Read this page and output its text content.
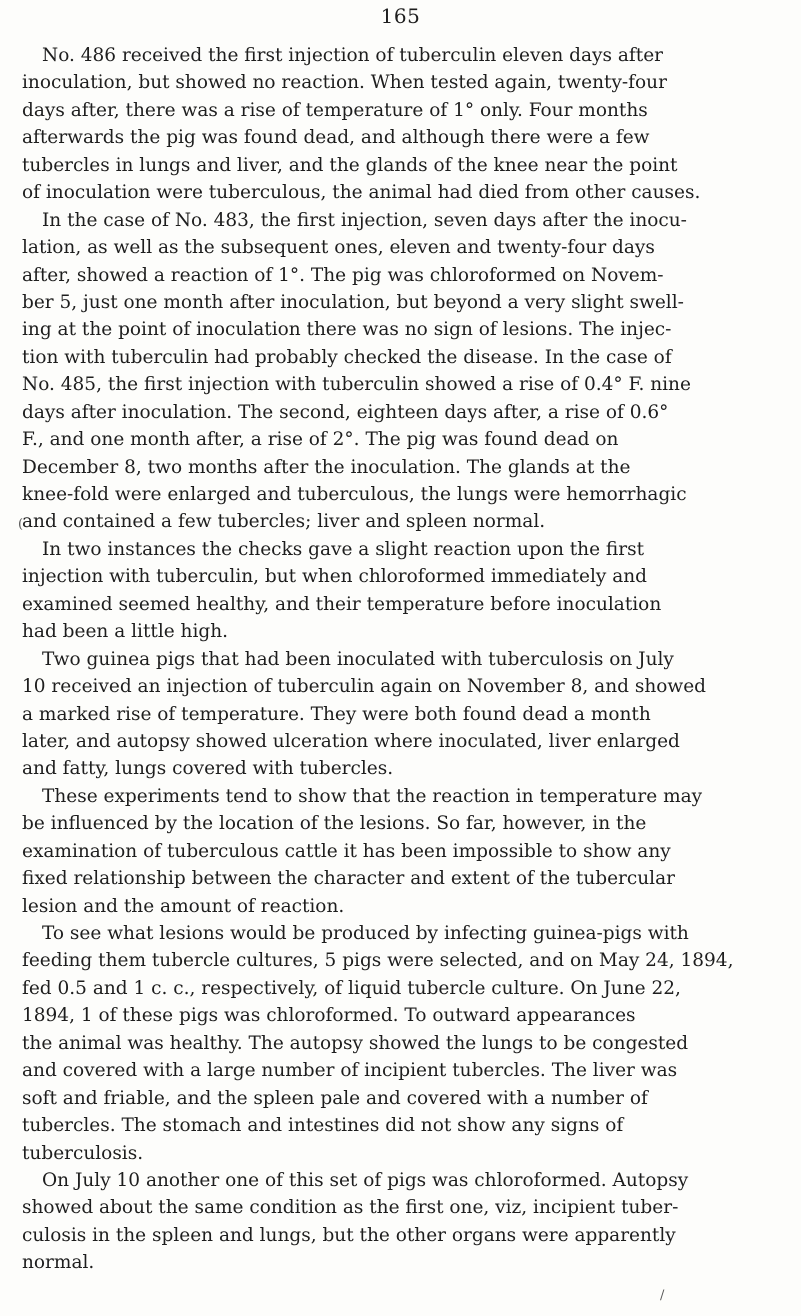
165
No. 486 received the first injection of tuberculin eleven days after
inoculation, but showed no reaction. When tested again, twenty-four
days after, there was a rise of temperature of 1° only. Four months
afterwards the pig was found dead, and although there were a few
tubercles in lungs and liver, and the glands of the knee near the point
of inoculation were tuberculous, the animal had died from other causes.
In the case of No. 483, the first injection, seven days after the inocu-
lation, as well as the subsequent ones, eleven and twenty-four days
after, showed a reaction of 1°. The pig was chloroformed on Novem-
ber 5, just one month after inoculation, but beyond a very slight swell-
ing at the point of inoculation there was no sign of lesions. The injec-
tion with tuberculin had probably checked the disease. In the case of
No. 485, the first injection with tuberculin showed a rise of 0.4° F. nine
days after inoculation. The second, eighteen days after, a rise of 0.6°
F., and one month after, a rise of 2°. The pig was found dead on
December 8, two months after the inoculation. The glands at the
knee-fold were enlarged and tuberculous, the lungs were hemorrhagic
and contained a few tubercles; liver and spleen normal.
In two instances the checks gave a slight reaction upon the first
injection with tuberculin, but when chloroformed immediately and
examined seemed healthy, and their temperature before inoculation
had been a little high.
Two guinea pigs that had been inoculated with tuberculosis on July
10 received an injection of tuberculin again on November 8, and showed
a marked rise of temperature. They were both found dead a month
later, and autopsy showed ulceration where inoculated, liver enlarged
and fatty, lungs covered with tubercles.
These experiments tend to show that the reaction in temperature may
be influenced by the location of the lesions. So far, however, in the
examination of tuberculous cattle it has been impossible to show any
fixed relationship between the character and extent of the tubercular
lesion and the amount of reaction.
To see what lesions would be produced by infecting guinea-pigs with
feeding them tubercle cultures, 5 pigs were selected, and on May 24, 1894,
fed 0.5 and 1 c. c., respectively, of liquid tubercle culture. On June 22,
1894, 1 of these pigs was chloroformed. To outward appearances
the animal was healthy. The autopsy showed the lungs to be congested
and covered with a large number of incipient tubercles. The liver was
soft and friable, and the spleen pale and covered with a number of
tubercles. The stomach and intestines did not show any signs of
tuberculosis.
On July 10 another one of this set of pigs was chloroformed. Autopsy
showed about the same condition as the first one, viz, incipient tuber-
culosis in the spleen and lungs, but the other organs were apparently
normal.
(
/
